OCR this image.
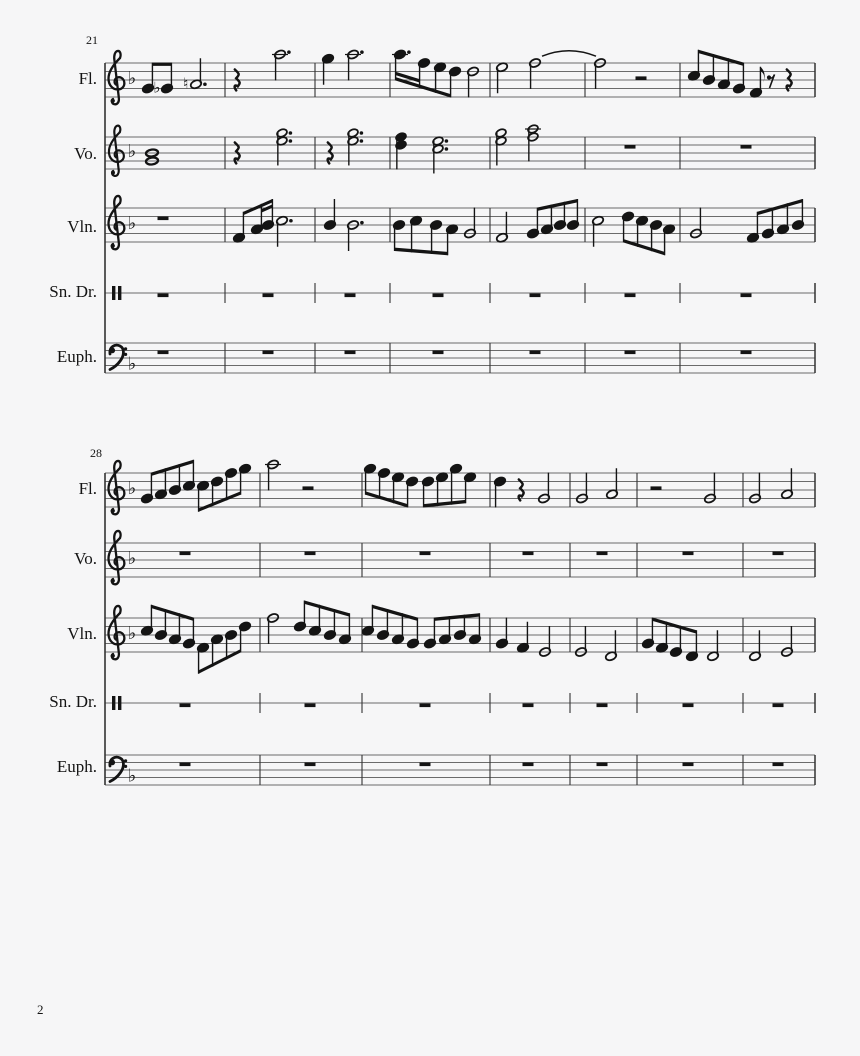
♭
♭
♭
♭
♭ ♮
♭
♭
♭
♭
21
28
Fl.
Vo.
Vln.
Sn. Dr.
Euph.
Fl.
Vo.
Vln.
Sn. Dr.
Euph.
2
